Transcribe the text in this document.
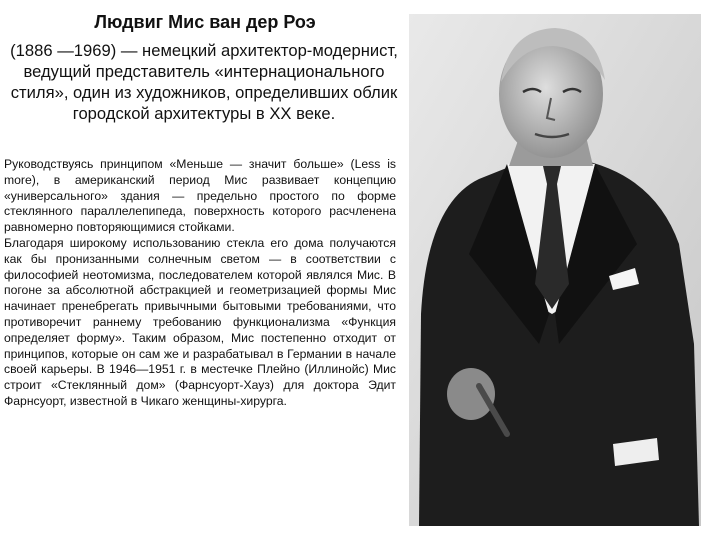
Людвиг Мис ван дер Роэ

(1886 —1969) — немецкий архитектор-модернист, ведущий представитель «интернационального стиля», один из художников, определивших облик городской архитектуры в XX веке.

Руководствуясь принципом «Меньше — значит больше» (Less is more), в американский период Мис развивает концепцию «универсального» здания — предельно простого по форме стеклянного параллелепипеда, поверхность которого расчленена равномерно повторяющимися стойками.

Благодаря широкому использованию стекла его дома получаются как бы пронизанными солнечным светом — в соответствии с философией неотомизма, последователем которой являлся Мис. В погоне за абсолютной абстракцией и геометризацией формы Мис начинает пренебрегать привычными бытовыми требованиями, что противоречит раннему требованию функционализма «Функция определяет форму». Таким образом, Мис постепенно отходит от принципов, которые он сам же и разрабатывал в Германии в начале своей карьеры. В 1946—1951 г. в местечке Плейно (Иллинойс) Мис строит «Стеклянный дом» (Фарнсуорт-Хауз) для доктора Эдит Фарнсуорт, известной в Чикаго женщины-хирурга.
